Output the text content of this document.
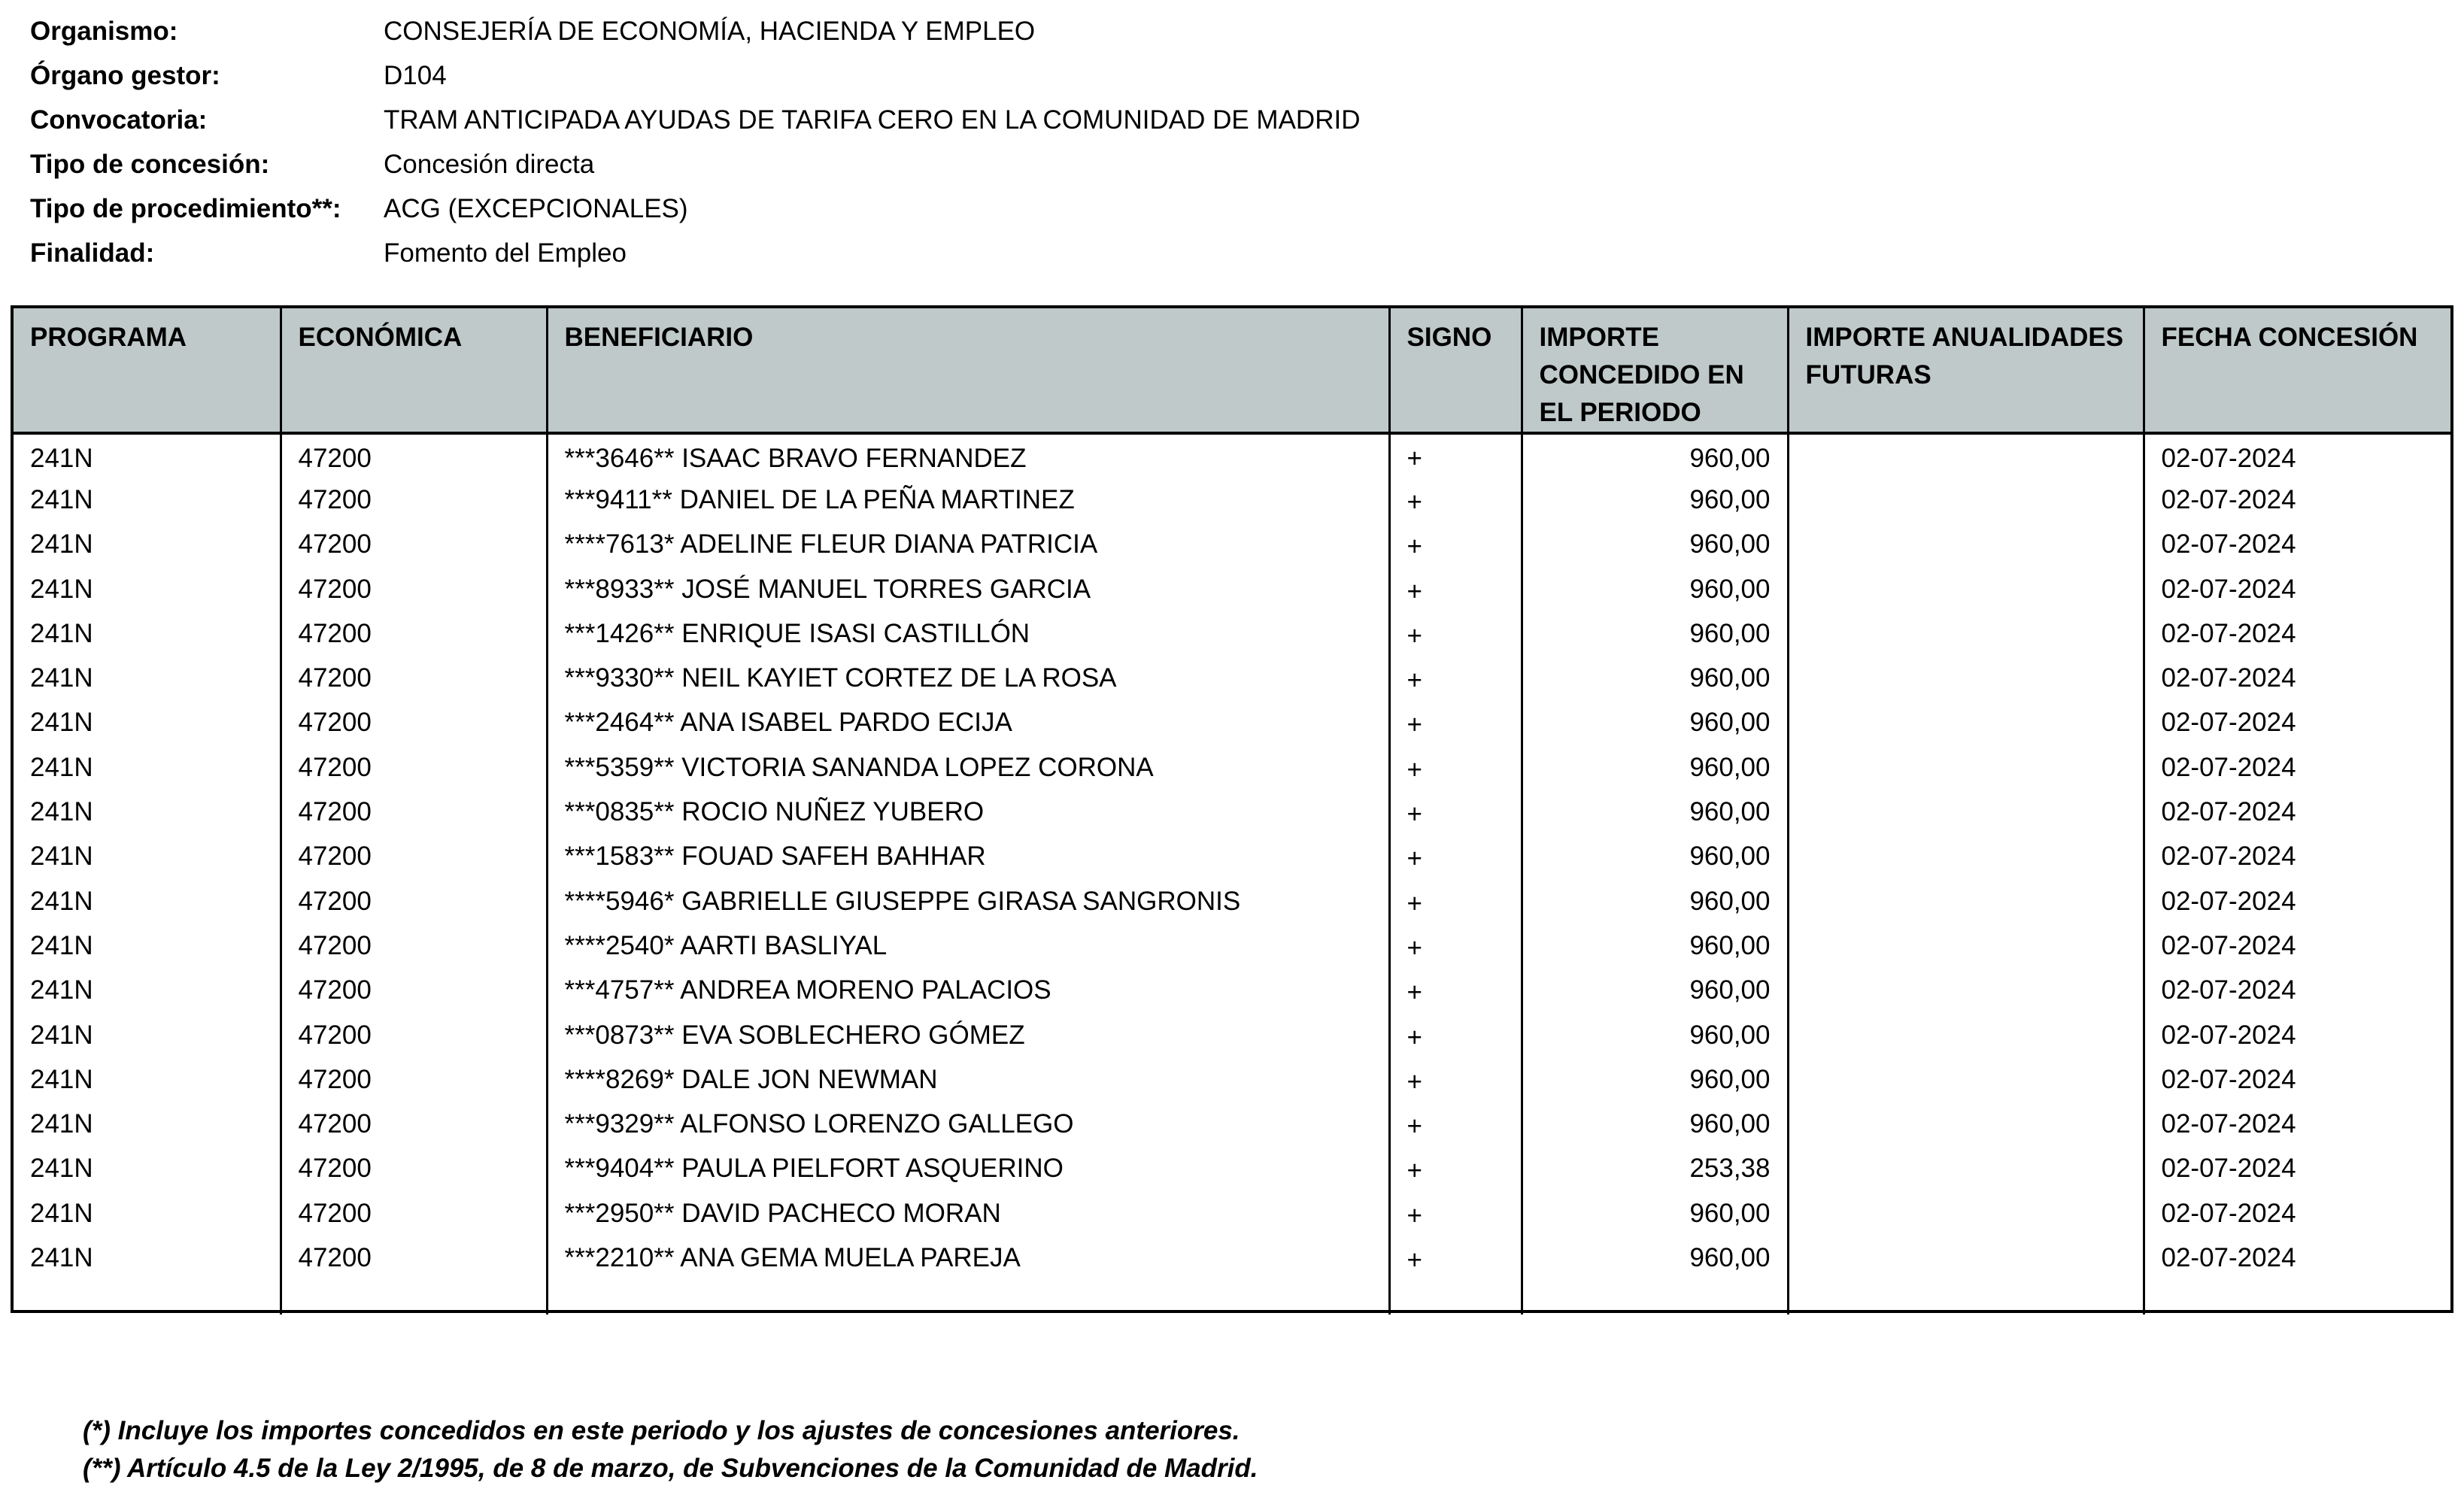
Organismo:	CONSEJERÍA DE ECONOMÍA, HACIENDA Y EMPLEO
Órgano gestor:	D104
Convocatoria:	TRAM ANTICIPADA AYUDAS DE TARIFA CERO EN LA COMUNIDAD DE MADRID
Tipo de concesión:	Concesión directa
Tipo de procedimiento**:	ACG (EXCEPCIONALES)
Finalidad:	Fomento del Empleo
PROGRAMA	ECONÓMICA	BENEFICIARIO	SIGNO	IMPORTE CONCEDIDO EN EL PERIODO	IMPORTE ANUALIDADES FUTURAS	FECHA CONCESIÓN
241N	47200	***3646** ISAAC BRAVO FERNANDEZ	+	960,00		02-07-2024
241N	47200	***9411** DANIEL DE LA PEÑA MARTINEZ	+	960,00		02-07-2024
241N	47200	****7613* ADELINE FLEUR DIANA PATRICIA	+	960,00		02-07-2024
241N	47200	***8933** JOSÉ MANUEL TORRES GARCIA	+	960,00		02-07-2024
241N	47200	***1426** ENRIQUE ISASI CASTILLÓN	+	960,00		02-07-2024
241N	47200	***9330** NEIL KAYIET CORTEZ DE LA ROSA	+	960,00		02-07-2024
241N	47200	***2464** ANA ISABEL PARDO ECIJA	+	960,00		02-07-2024
241N	47200	***5359** VICTORIA SANANDA LOPEZ CORONA	+	960,00		02-07-2024
241N	47200	***0835** ROCIO NUÑEZ YUBERO	+	960,00		02-07-2024
241N	47200	***1583** FOUAD SAFEH BAHHAR	+	960,00		02-07-2024
241N	47200	****5946* GABRIELLE GIUSEPPE GIRASA SANGRONIS	+	960,00		02-07-2024
241N	47200	****2540* AARTI BASLIYAL	+	960,00		02-07-2024
241N	47200	***4757** ANDREA MORENO PALACIOS	+	960,00		02-07-2024
241N	47200	***0873** EVA SOBLECHERO GÓMEZ	+	960,00		02-07-2024
241N	47200	****8269* DALE JON NEWMAN	+	960,00		02-07-2024
241N	47200	***9329** ALFONSO LORENZO GALLEGO	+	960,00		02-07-2024
241N	47200	***9404** PAULA PIELFORT ASQUERINO	+	253,38		02-07-2024
241N	47200	***2950** DAVID PACHECO MORAN	+	960,00		02-07-2024
241N	47200	***2210** ANA GEMA MUELA PAREJA	+	960,00		02-07-2024

(*) Incluye los importes concedidos en este periodo y los ajustes de concesiones anteriores.
(**) Artículo 4.5 de la Ley 2/1995, de 8 de marzo, de Subvenciones de la Comunidad de Madrid.
